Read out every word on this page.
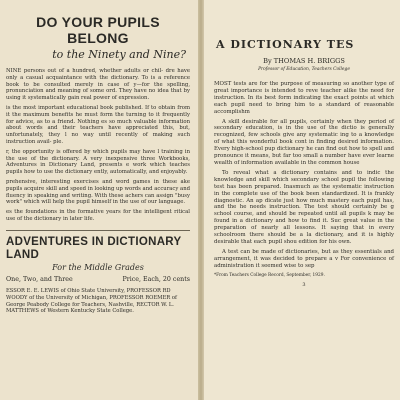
DO YOUR PUPILS BELONG
to the Ninety and Nine?

NINE persons out of a hundred, whether adults or chil- dre have only a casual acquaintance with the dictionary. To is a reference book to be consulted merely in case of y—for the spelling, pronunciation and meaning of some ord. They have no idea that by using it systematically gain real power of expression.

is the most important educational book published. If to obtain from it the maximum benefits he must form the turning to it frequently for advice, as to a friend. Nothing es so much valuable information about words and their teachers have appreciated this, but, unfortunately, they l no way until recently of making such instruction avail- ple.

r, the opportunity is offered by which pupils may have l training in the use of the dictionary. A very inexpensive three Workbooks, Adventures in Dictionary Land, presents e work which teaches pupils how to use the dictionary ently, automatically, and enjoyably.

prehensive, interesting exercises and word games in these ake pupils acquire skill and speed in looking up words and accuracy and fluency in speaking and writing. With these achers can assign "busy work" which will help the pupil himself in the use of our language.

es the foundations in the formative years for the intelligent ritical use of the dictionary in later life.

ADVENTURES IN DICTIONARY LAND
For the Middle Grades
One, Two, and Three	Price, Each, 20 cents

ESSOR E. E. LEWIS of Ohio State University, PROFESSOR RD WOODY of the University of Michigan, PROFESSOR ROEMER of George Peabody College for Teachers, Nashville, RECTOR W. L. MATTHEWS of Western Kentucky State College.

A DICTIONARY TES
By THOMAS H. BRIGGS
Professor of Education, Teachers College

MOST tests are for the purpose of measuring so another type of great importance is intended to reve teacher alike the need for instruction. In its best form indicating the exact points at which each pupil need to bring him to a standard of reasonable accomplishm

A skill desirable for all pupils, certainly when they period of secondary education, is in the use of the dictio is generally recognized, few schools give any systematic ing to a knowledge of what this wonderful book cont in finding desired information. Every high-school pup dictionary he can find out how to spell and pronounce it means, but far too small a number have ever learne wealth of information available in the common house

To reveal what a dictionary contains and to indic the knowledge and skill which secondary school pupil the following test has been prepared. Inasmuch as the systematic instruction in the complete use of the book been standardized. It is frankly diagnostic. An ap dicate just how much mastery each pupil has, and the he needs instruction. The test should certainly be g school course, and should be repeated until all pupils k may be found in a dictionary and how to find it. Suc great value in the preparation of nearly all lessons. It saying that in every schoolroom there should be a la dictionary, and it is highly desirable that each pupil shou edition for his own.

A test can be made of dictionaries, but as they essentials and arrangement, it was decided to prepare a v For convenience of administration it seemed wise to sep

*From Teachers College Record, September, 1929.
3
